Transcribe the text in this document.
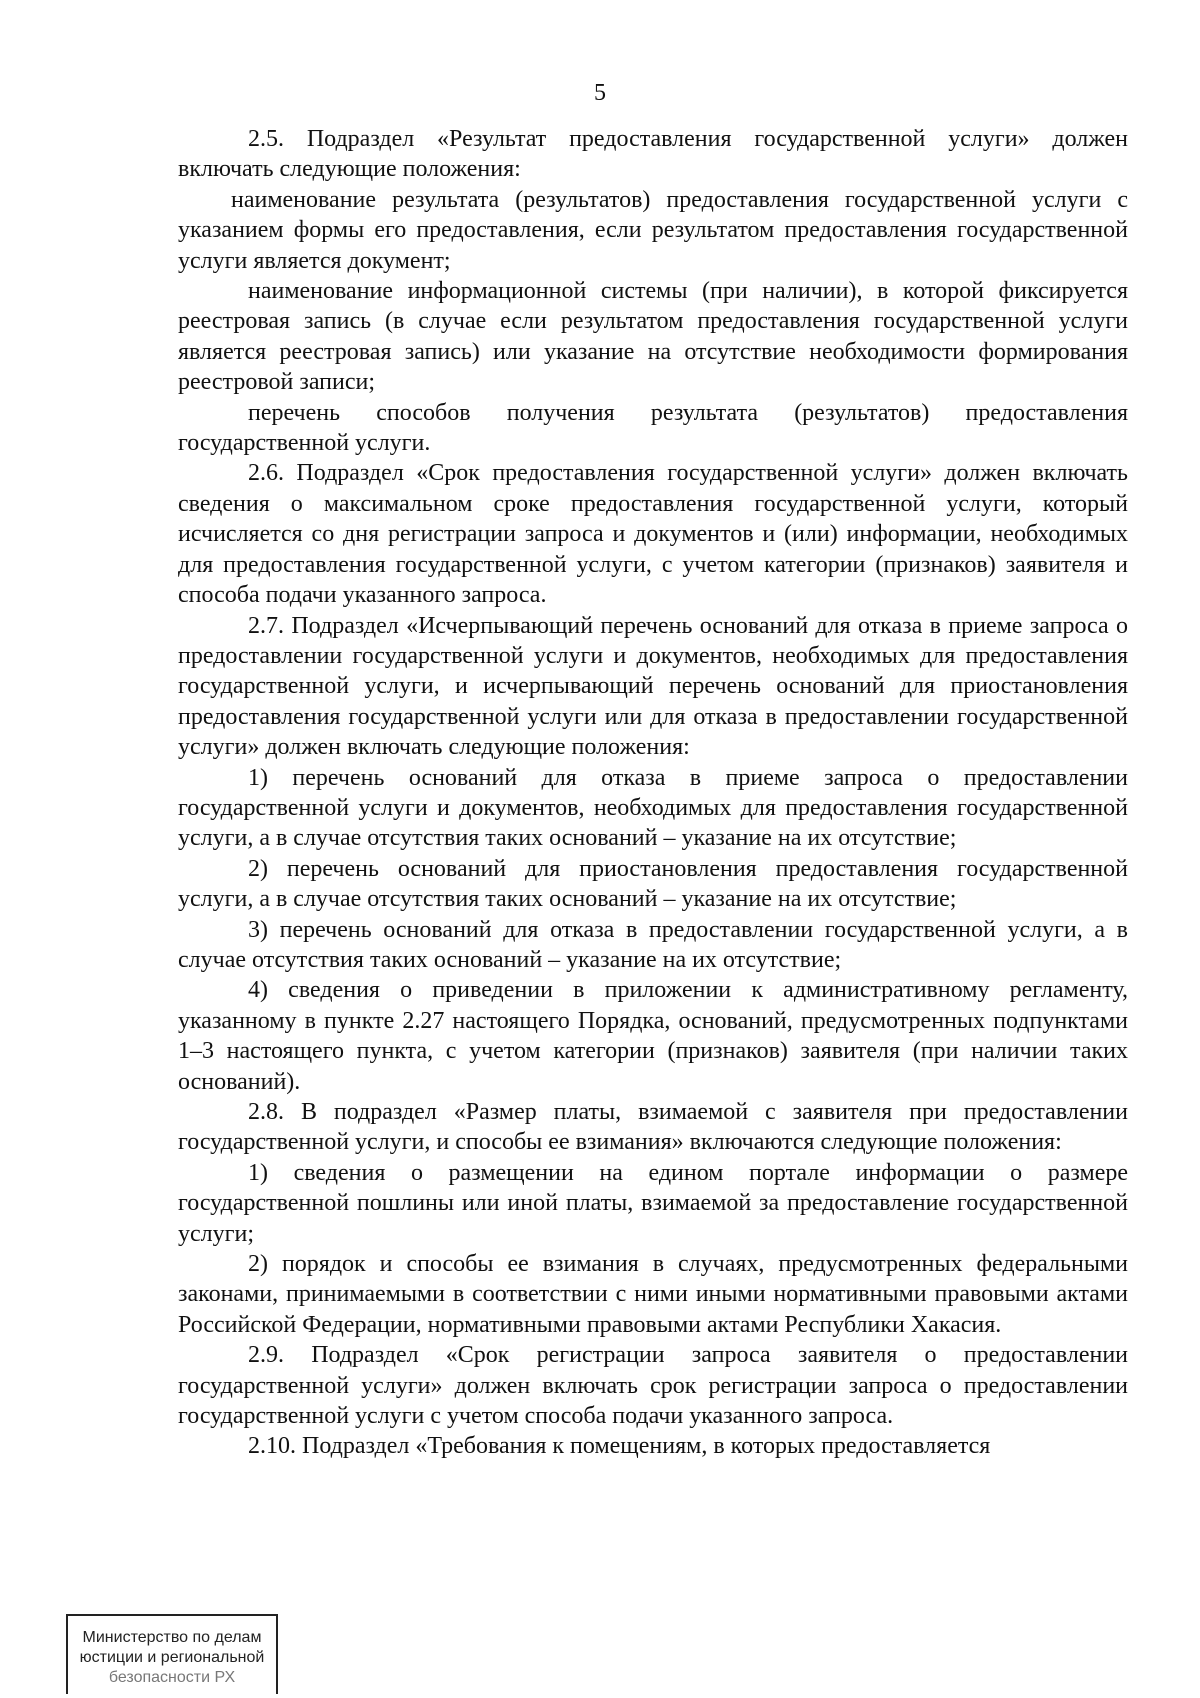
5

2.5. Подраздел «Результат предоставления государственной услуги» должен включать следующие положения:

наименование результата (результатов) предоставления государственной услуги с указанием формы его предоставления, если результатом предоставления государственной услуги является документ;

наименование информационной системы (при наличии), в которой фиксируется реестровая запись (в случае если результатом предоставления государственной услуги является реестровая запись) или указание на отсутствие необходимости формирования реестровой записи;

перечень способов получения результата (результатов) предоставления государственной услуги.

2.6. Подраздел «Срок предоставления государственной услуги» должен включать сведения о максимальном сроке предоставления государственной услуги, который исчисляется со дня регистрации запроса и документов и (или) информации, необходимых для предоставления государственной услуги, с учетом категории (признаков) заявителя и способа подачи указанного запроса.

2.7. Подраздел «Исчерпывающий перечень оснований для отказа в приеме запроса о предоставлении государственной услуги и документов, необходимых для предоставления государственной услуги, и исчерпывающий перечень оснований для приостановления предоставления государственной услуги или для отказа в предоставлении государственной услуги» должен включать следующие положения:

1) перечень оснований для отказа в приеме запроса о предоставлении государственной услуги и документов, необходимых для предоставления государственной услуги, а в случае отсутствия таких оснований – указание на их отсутствие;

2) перечень оснований для приостановления предоставления государственной услуги, а в случае отсутствия таких оснований – указание на их отсутствие;

3) перечень оснований для отказа в предоставлении государственной услуги, а в случае отсутствия таких оснований – указание на их отсутствие;

4) сведения о приведении в приложении к административному регламенту, указанному в пункте 2.27 настоящего Порядка, оснований, предусмотренных подпунктами 1–3 настоящего пункта, с учетом категории (признаков) заявителя (при наличии таких оснований).

2.8. В подраздел «Размер платы, взимаемой с заявителя при предоставлении государственной услуги, и способы ее взимания» включаются следующие положения:

1) сведения о размещении на едином портале информации о размере государственной пошлины или иной платы, взимаемой за предоставление государственной услуги;

2) порядок и способы ее взимания в случаях, предусмотренных федеральными законами, принимаемыми в соответствии с ними иными нормативными правовыми актами Российской Федерации, нормативными правовыми актами Республики Хакасия.

2.9. Подраздел «Срок регистрации запроса заявителя о предоставлении государственной услуги» должен включать срок регистрации запроса о предоставлении государственной услуги с учетом способа подачи указанного запроса.

2.10. Подраздел «Требования к помещениям, в которых предоставляется

Министерство по делам
юстиции и региональной
безопасности РХ
